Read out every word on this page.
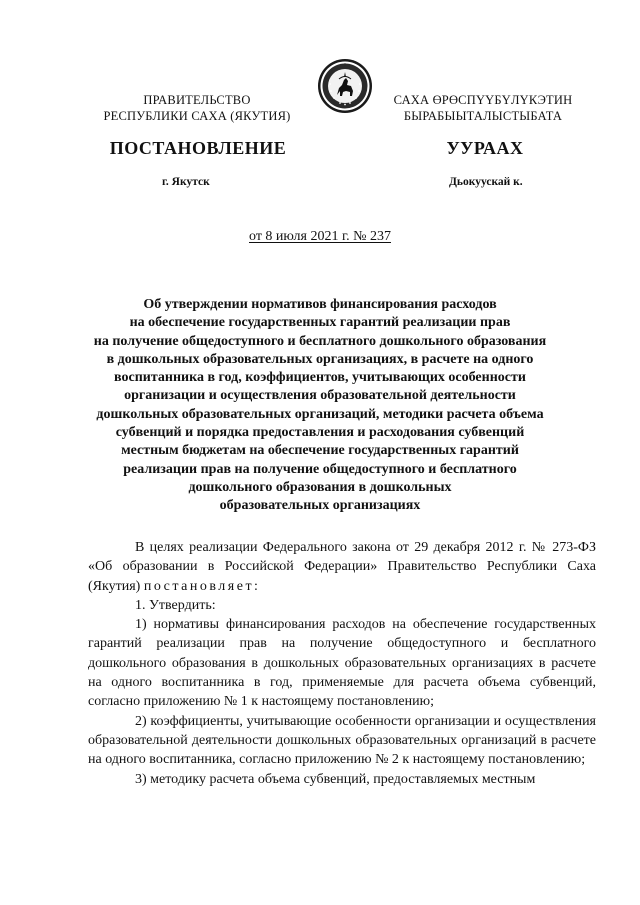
ПРАВИТЕЛЬСТВО
РЕСПУБЛИКИ САХА (ЯКУТИЯ)
САХА ӨРӨСПҮҮБҮЛҮКЭТИН
БЫРАБЫЫТАЛЫСТЫБАТА
ПОСТАНОВЛЕНИЕ	УУРААХ
г. Якутск	Дьокуускай к.
от 8 июля 2021 г. № 237
Об утверждении нормативов финансирования расходов
на обеспечение государственных гарантий реализации прав
на получение общедоступного и бесплатного дошкольного образования
в дошкольных образовательных организациях, в расчете на одного
воспитанника в год, коэффициентов, учитывающих особенности
организации и осуществления образовательной деятельности
дошкольных образовательных организаций, методики расчета объема
субвенций и порядка предоставления и расходования субвенций
местным бюджетам на обеспечение государственных гарантий
реализации прав на получение общедоступного и бесплатного
дошкольного образования в дошкольных
образовательных организациях

В целях реализации Федерального закона от 29 декабря 2012 г. № 273-ФЗ «Об образовании в Российской Федерации» Правительство Республики Саха (Якутия) постановляет:

1. Утвердить:

1) нормативы финансирования расходов на обеспечение государственных гарантий реализации прав на получение общедоступного и бесплатного дошкольного образования в дошкольных образовательных организациях в расчете на одного воспитанника в год, применяемые для расчета объема субвенций, согласно приложению № 1 к настоящему постановлению;

2) коэффициенты, учитывающие особенности организации и осуществления образовательной деятельности дошкольных образовательных организаций в расчете на одного воспитанника, согласно приложению № 2 к настоящему постановлению;

3) методику расчета объема субвенций, предоставляемых местным
